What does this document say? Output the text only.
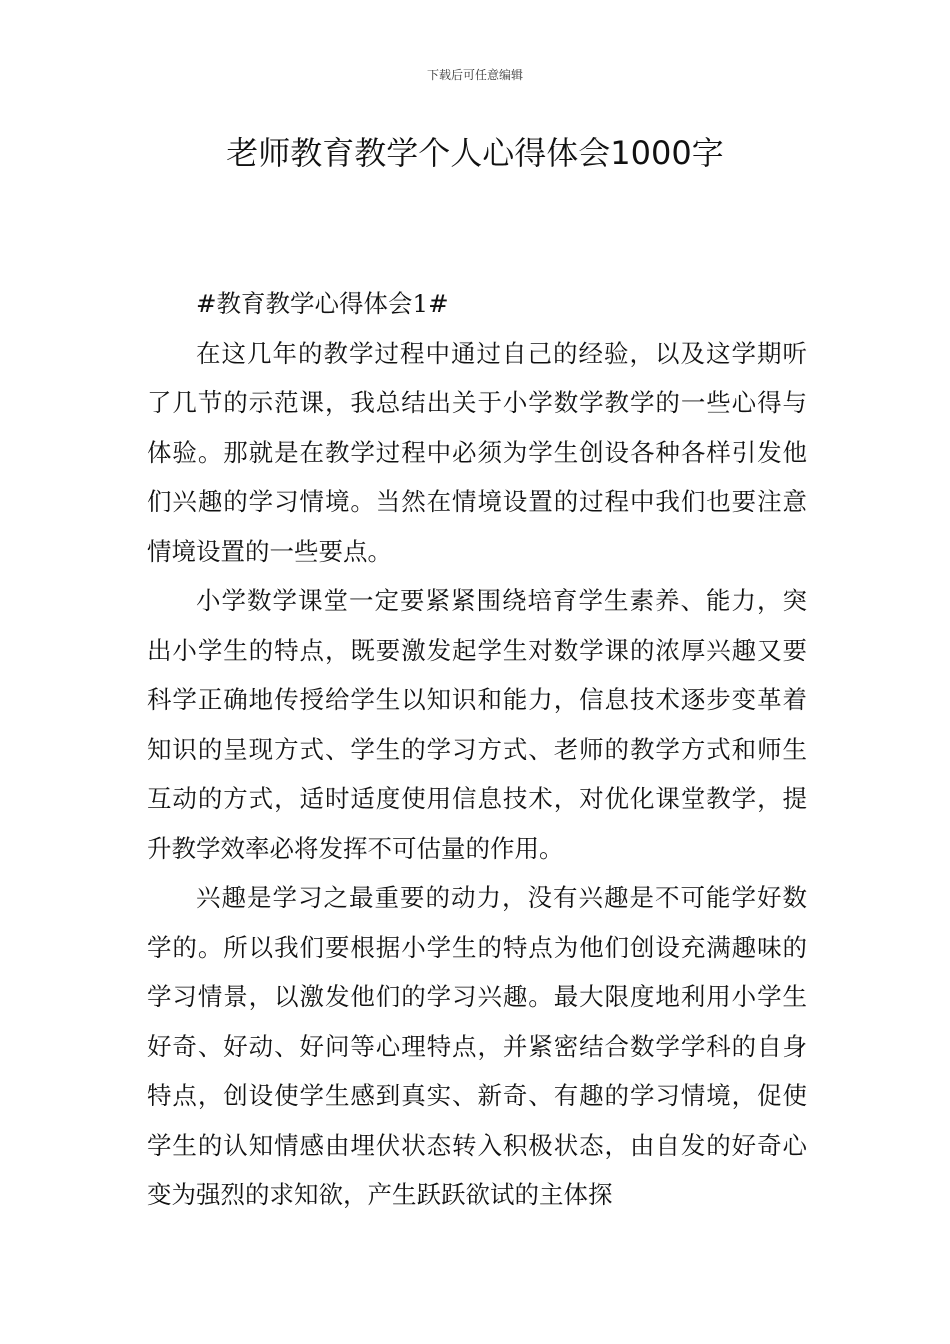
下载后可任意编辑
老师教育教学个人心得体会1000字

#教育教学心得体会1#

在这几年的教学过程中通过自己的经验，以及这学期听了几节的示范课，我总结出关于小学数学教学的一些心得与体验。那就是在教学过程中必须为学生创设各种各样引发他们兴趣的学习情境。当然在情境设置的过程中我们也要注意情境设置的一些要点。

小学数学课堂一定要紧紧围绕培育学生素养、能力，突出小学生的特点，既要激发起学生对数学课的浓厚兴趣又要科学正确地传授给学生以知识和能力，信息技术逐步变革着知识的呈现方式、学生的学习方式、老师的教学方式和师生互动的方式，适时适度使用信息技术，对优化课堂教学，提升教学效率必将发挥不可估量的作用。

兴趣是学习之最重要的动力，没有兴趣是不可能学好数学的。所以我们要根据小学生的特点为他们创设充满趣味的学习情景，以激发他们的学习兴趣。最大限度地利用小学生好奇、好动、好问等心理特点，并紧密结合数学学科的自身特点，创设使学生感到真实、新奇、有趣的学习情境，促使学生的认知情感由埋伏状态转入积极状态，由自发的好奇心变为强烈的求知欲，产生跃跃欲试的主体探
